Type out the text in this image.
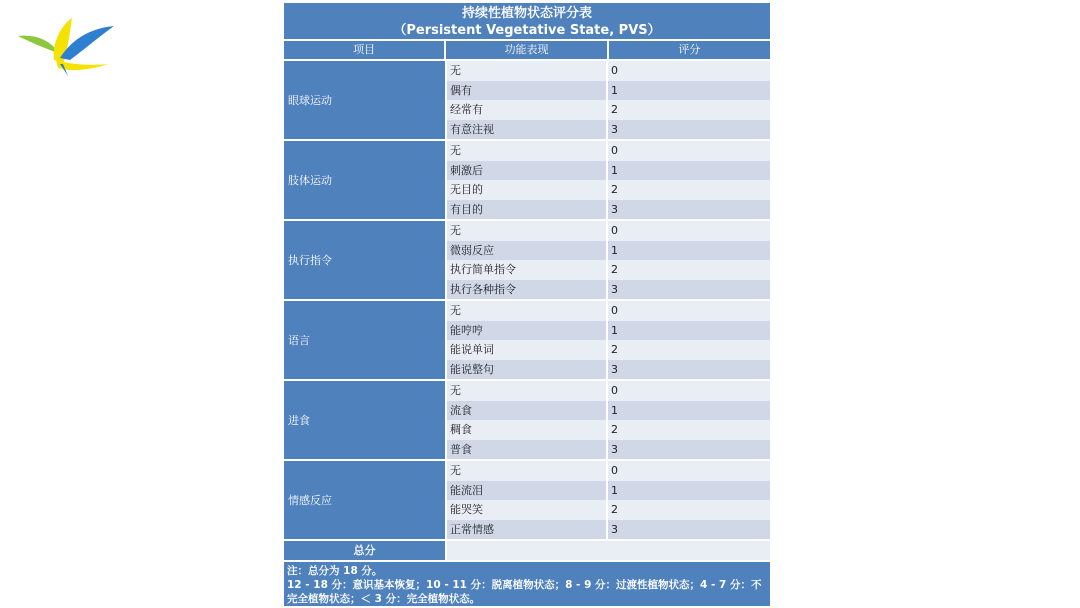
持续性植物状态评分表
（Persistent Vegetative State, PVS）
项目	功能表现	评分
眼球运动
无	0
偶有	1
经常有	2
有意注视	3
肢体运动
无	0
刺激后	1
无目的	2
有目的	3
执行指令
无	0
微弱反应	1
执行简单指令	2
执行各种指令	3
语言
无	0
能哼哼	1
能说单词	2
能说整句	3
进食
无	0
流食	1
稠食	2
普食	3
情感反应
无	0
能流泪	1
能哭笑	2
正常情感	3
总分
注：总分为 18 分。
12 - 18 分：意识基本恢复；10 - 11 分：脱离植物状态；8 - 9 分：过渡性植物状态；4 - 7 分：不完全植物状态；＜ 3 分：完全植物状态。
